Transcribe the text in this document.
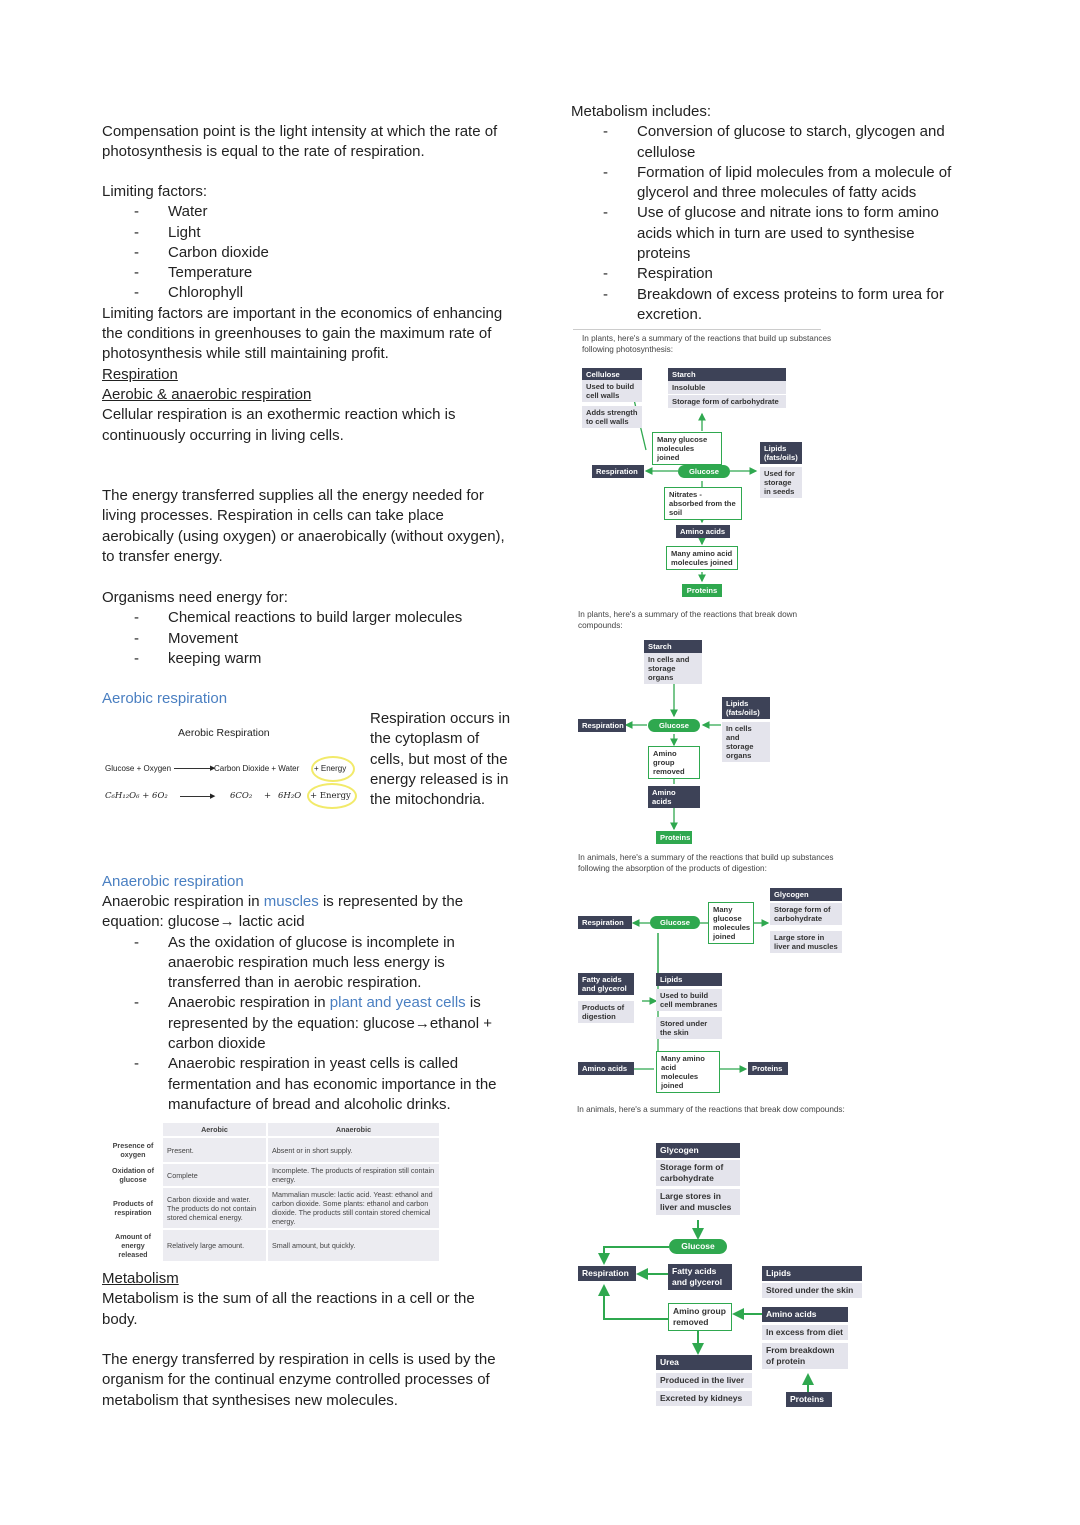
Compensation point is the light intensity at which the rate of photosynthesis is equal to the rate of respiration.
Limiting factors:
- Water
- Light
- Carbon dioxide
- Temperature
- Chlorophyll
Limiting factors are important in the economics of enhancing the conditions in greenhouses to gain the maximum rate of photosynthesis while still maintaining profit.
Respiration
Aerobic & anaerobic respiration
Cellular respiration is an exothermic reaction which is continuously occurring in living cells.
The energy transferred supplies all the energy needed for living processes. Respiration in cells can take place aerobically (using oxygen) or anaerobically (without oxygen), to transfer energy.
Organisms need energy for:
- Chemical reactions to build larger molecules
- Movement
- keeping warm
Aerobic respiration
Aerobic Respiration
Glucose + Oxygen	▶
Carbon Dioxide + Water + Energy
C₆H₁₂O₆ + 6O₂	▶ 6CO₂ + 6H₂O + Energy
Respiration occurs in the cytoplasm of cells, but most of the energy released is in the mitochondria.
Anaerobic respiration
Anaerobic respiration in muscles is represented by the equation: glucose→ lactic acid
- As the oxidation of glucose is incomplete in anaerobic respiration much less energy is transferred than in aerobic respiration.
- Anaerobic respiration in plant and yeast cells is represented by the equation: glucose→ethanol + carbon dioxide
- Anaerobic respiration in yeast cells is called fermentation and has economic importance in the manufacture of bread and alcoholic drinks.
	Aerobic	Anaerobic
Presence of oxygen	Present.	Absent or in short supply.
Oxidation of glucose	Complete	Incomplete. The products of respiration still contain energy.
Products of respiration	Carbon dioxide and water. The products do not contain stored chemical energy.	Mammalian muscle: lactic acid. Yeast: ethanol and carbon dioxide. Some plants: ethanol and carbon dioxide. The products still contain stored chemical energy.
Amount of energy released	Relatively large amount.	Small amount, but quickly.
Metabolism
Metabolism is the sum of all the reactions in a cell or the body.
The energy transferred by respiration in cells is used by the organism for the continual enzyme controlled processes of metabolism that synthesises new molecules.
Metabolism includes:
- Conversion of glucose to starch, glycogen and cellulose
- Formation of lipid molecules from a molecule of glycerol and three molecules of fatty acids
- Use of glucose and nitrate ions to form amino acids which in turn are used to synthesise proteins
- Respiration
- Breakdown of excess proteins to form urea for excretion.
In plants, here's a summary of the reactions that build up substances following photosynthesis:
Cellulose
Used to build cell walls
Adds strength to cell walls
Starch
Insoluble
Storage form of carbohydrate
Many glucose molecules joined
Lipids (fats/oils)
Used for storage in seeds
Respiration	Glucose
Nitrates - absorbed from the soil
Amino acids
Many amino acid molecules joined
Proteins
In plants, here's a summary of the reactions that break down compounds:
Starch
In cells and storage organs
Lipids (fats/oils)
In cells and storage organs
Respiration	Glucose
Amino group removed
Amino acids
Proteins
In animals, here's a summary of the reactions that build up substances following the absorption of the products of digestion:
Glycogen
Storage form of carbohydrate
Large store in liver and muscles
Respiration	Glucose
Many glucose molecules joined
Fatty acids and glycerol
Products of digestion
Lipids
Used to build cell membranes
Stored under the skin
Amino acids
Many amino acid molecules joined
Proteins
In animals, here's a summary of the reactions that break dow compounds:
Glycogen
Storage form of carbohydrate
Large stores in liver and muscles
Glucose
Respiration	Fatty acids and glycerol
Lipids
Stored under the skin
Amino group removed
Amino acids
In excess from diet
From breakdown of protein
Urea
Produced in the liver
Excreted by kidneys	Proteins
